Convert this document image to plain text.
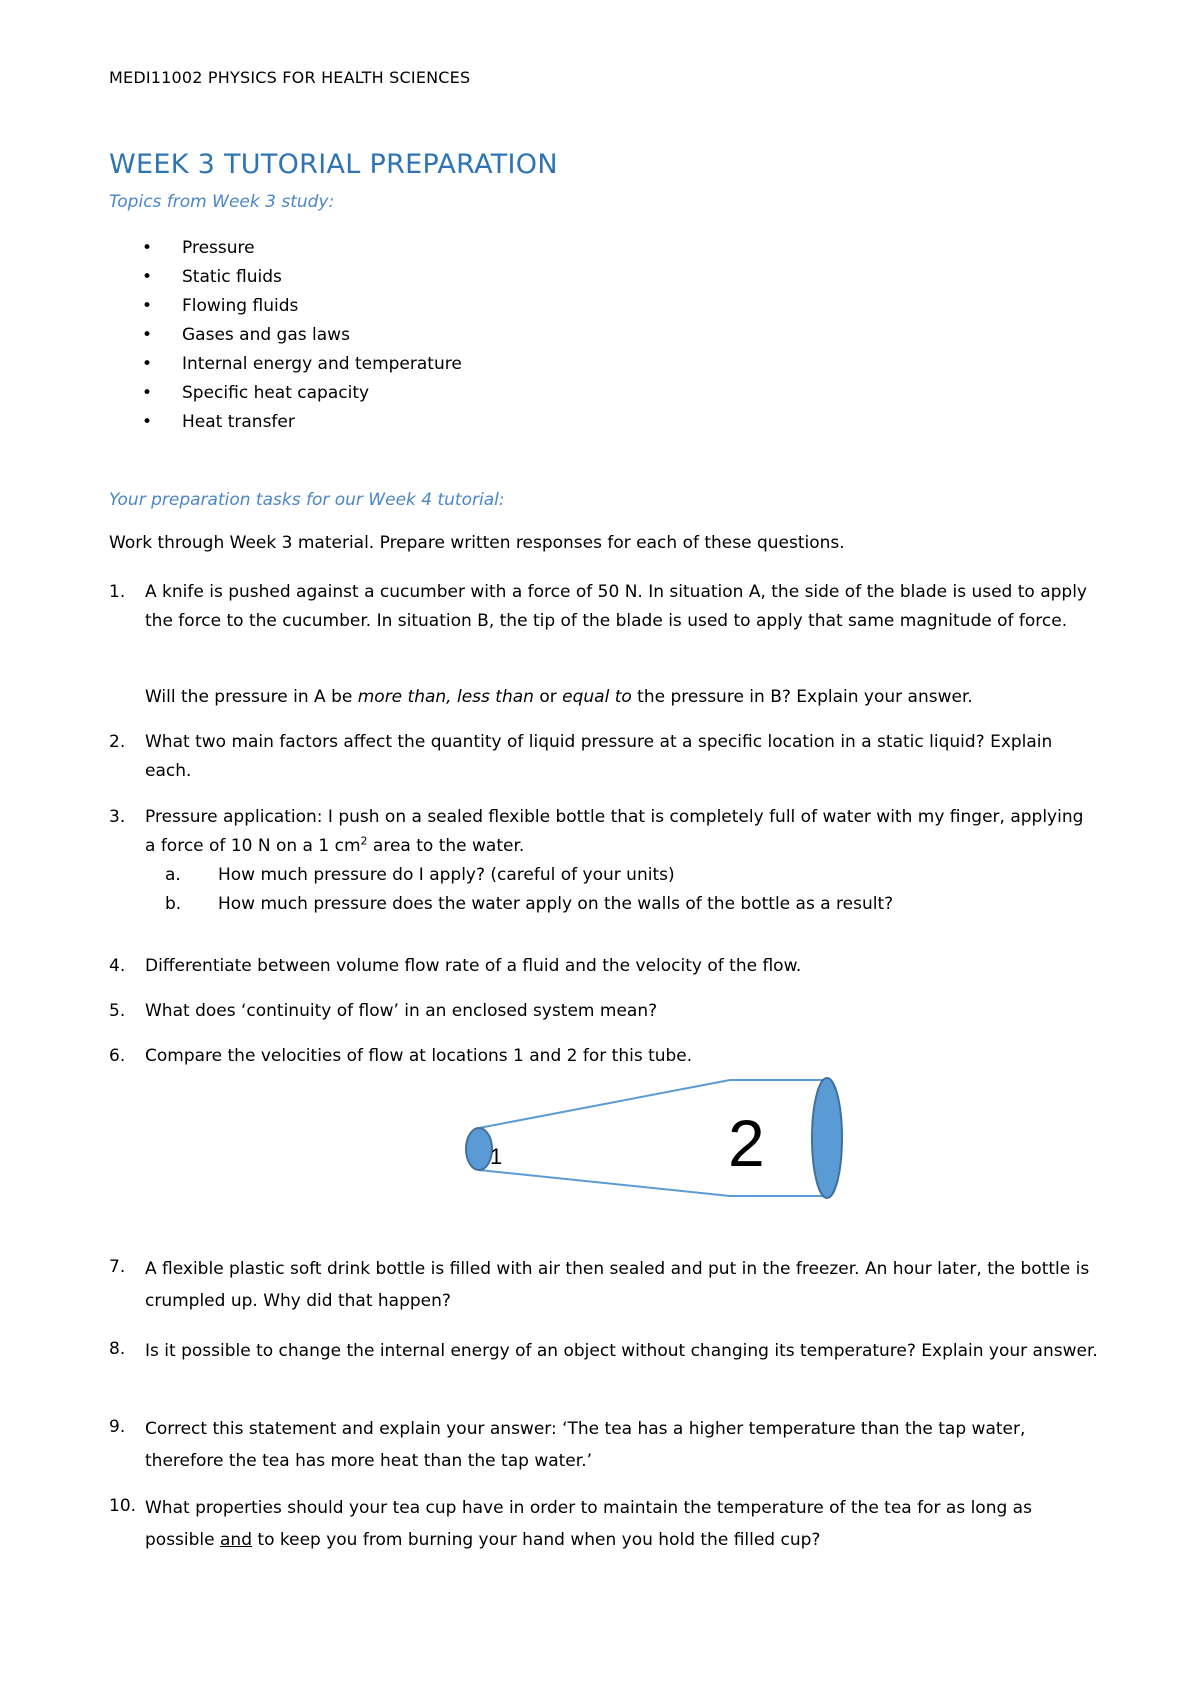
MEDI11002 PHYSICS FOR HEALTH SCIENCES
WEEK 3 TUTORIAL PREPARATION
Topics from Week 3 study:
• Pressure
• Static fluids
• Flowing fluids
• Gases and gas laws
• Internal energy and temperature
• Specific heat capacity
• Heat transfer
Your preparation tasks for our Week 4 tutorial:
Work through Week 3 material. Prepare written responses for each of these questions.
1. A knife is pushed against a cucumber with a force of 50 N. In situation A, the side of the blade is used to apply the force to the cucumber. In situation B, the tip of the blade is used to apply that same magnitude of force.
Will the pressure in A be more than, less than or equal to the pressure in B? Explain your answer.
2. What two main factors affect the quantity of liquid pressure at a specific location in a static liquid? Explain each.
3. Pressure application: I push on a sealed flexible bottle that is completely full of water with my finger, applying a force of 10 N on a 1 $cm^2$ area to the water.
a. How much pressure do I apply? (careful of your units)
b. How much pressure does the water apply on the walls of the bottle as a result?
4. Differentiate between volume flow rate of a fluid and the velocity of the flow.
5. What does ‘continuity of flow’ in an enclosed system mean?
6. Compare the velocities of flow at locations 1 and 2 for this tube.
1	2
7. A flexible plastic soft drink bottle is filled with air then sealed and put in the freezer. An hour later, the bottle is crumpled up. Why did that happen?
8. Is it possible to change the internal energy of an object without changing its temperature? Explain your answer.
9. Correct this statement and explain your answer: ‘The tea has a higher temperature than the tap water, therefore the tea has more heat than the tap water.’
10. What properties should your tea cup have in order to maintain the temperature of the tea for as long as possible and to keep you from burning your hand when you hold the filled cup?
